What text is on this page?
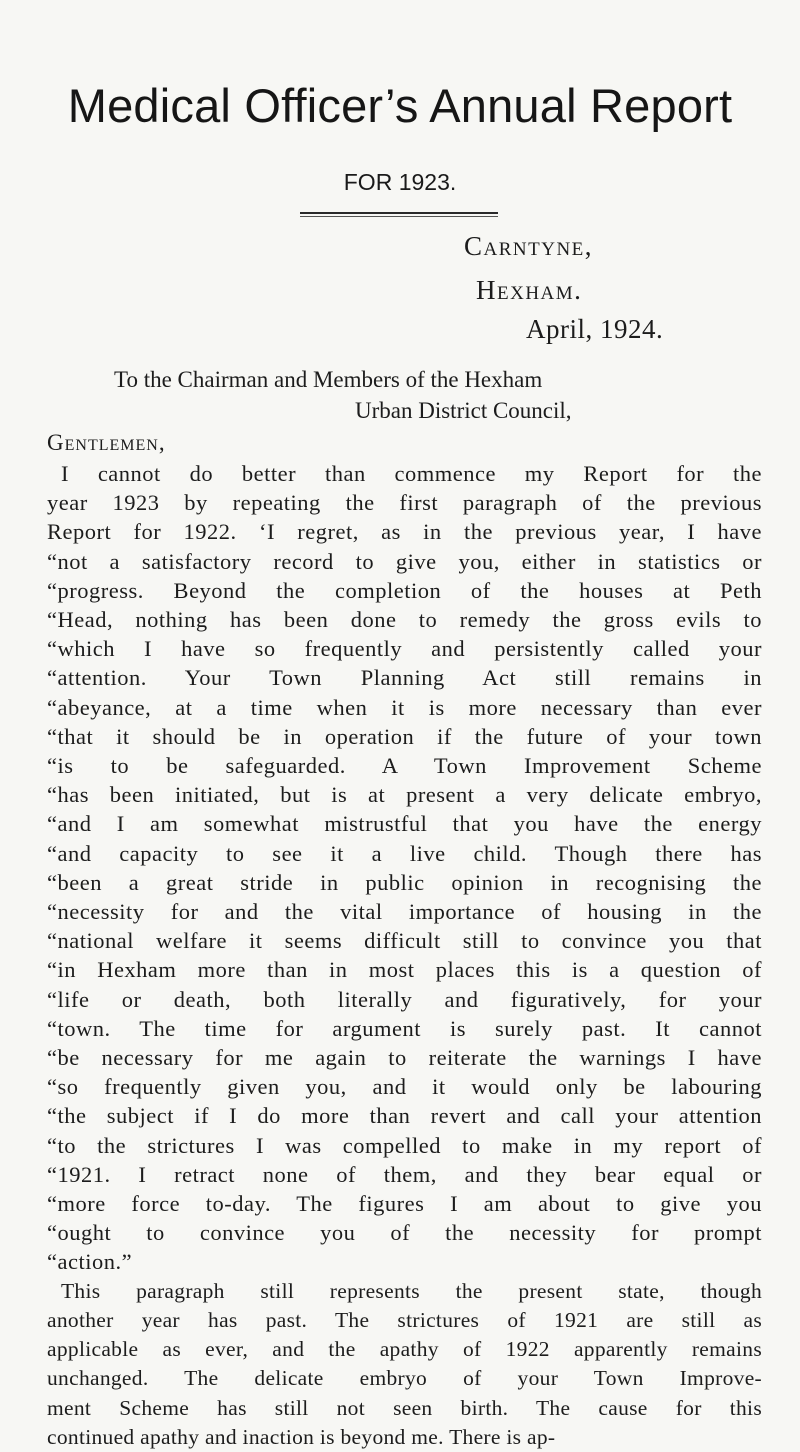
Medical Officer’s Annual Report
FOR 1923.
Carntyne,
Hexham.
April, 1924.
To the Chairman and Members of the Hexham
Urban District Council,
Gentlemen,

I cannot do better than commence my Report for the
year 1923 by repeating the first paragraph of the previous
Report for 1922. ‘I regret, as in the previous year, I have
“not a satisfactory record to give you, either in statistics or
“progress. Beyond the completion of the houses at Peth
“Head, nothing has been done to remedy the gross evils to
“which I have so frequently and persistently called your
“attention. Your Town Planning Act still remains in
“abeyance, at a time when it is more necessary than ever
“that it should be in operation if the future of your town
“is to be safeguarded. A Town Improvement Scheme
“has been initiated, but is at present a very delicate embryo,
“and I am somewhat mistrustful that you have the energy
“and capacity to see it a live child. Though there has
“been a great stride in public opinion in recognising the
“necessity for and the vital importance of housing in the
“national welfare it seems difficult still to convince you that
“in Hexham more than in most places this is a question of
“life or death, both literally and figuratively, for your
“town. The time for argument is surely past. It cannot
“be necessary for me again to reiterate the warnings I have
“so frequently given you, and it would only be labouring
“the subject if I do more than revert and call your attention
“to the strictures I was compelled to make in my report of
“1921. I retract none of them, and they bear equal or
“more force to-day. The figures I am about to give you
“ought to convince you of the necessity for prompt
“action.”

This paragraph still represents the present state, though
another year has past. The strictures of 1921 are still as
applicable as ever, and the apathy of 1922 apparently remains
unchanged. The delicate embryo of your Town Improve-
ment Scheme has still not seen birth. The cause for this
continued apathy and inaction is beyond me. There is ap-
